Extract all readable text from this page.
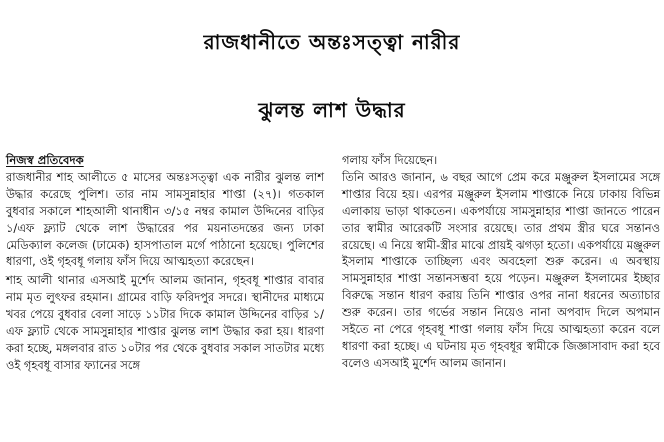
রাজধানীতে অন্তঃসত্ত্বা নারীর
ঝুলন্ত লাশ উদ্ধার
নিজস্ব প্রতিবেদক

রাজধানীর শাহ আলীতে ৫ মাসের অন্তঃসত্ত্বা এক নারীর ঝুলন্ত লাশ উদ্ধার করেছে পুলিশ। তার নাম সামসুন্নাহার শাপ্তা (২৭)। গতকাল বুধবার সকালে শাহআলী থানাধীন ৩/১৫ নম্বর কামাল উদ্দিনের বাড়ির ১/এফ ফ্ল্যাট থেকে লাশ উদ্ধারের পর ময়নাতদন্তের জন্য ঢাকা মেডিক্যাল কলেজ (ঢামেক) হাসপাতাল মর্গে পাঠানো হয়েছে। পুলিশের ধারণা, ওই গৃহবধূ গলায় ফাঁস দিয়ে আত্মহত্যা করেছেন।

শাহ আলী থানার এসআই মুর্শেদ আলম জানান, গৃহবধূ শাপ্তার বাবার নাম মৃত লুৎফর রহমান। গ্রামের বাড়ি ফরিদপুর সদরে। স্থানীদের মাধ্যমে খবর পেয়ে বুধবার বেলা সাড়ে ১১টার দিকে কামাল উদ্দিনের বাড়ির ১/এফ ফ্ল্যাট থেকে সামসুন্নাহার শাপ্তার ঝুলন্ত লাশ উদ্ধার করা হয়। ধারণা করা হচ্ছে, মঙ্গলবার রাত ১০টার পর থেকে বুধবার সকাল সাতটার মধ্যে ওই গৃহবধূ বাসার ফ্যানের সঙ্গে

গলায় ফাঁস দিয়েছেন।

তিনি আরও জানান, ৬ বছর আগে প্রেম করে মঞ্জুরুল ইসলামের সঙ্গে শাপ্তার বিয়ে হয়। এরপর মঞ্জুরুল ইসলাম শাপ্তাকে নিয়ে ঢাকায় বিভিন্ন এলাকায় ভাড়া থাকতেন। একপর্যায়ে সামসুন্নাহার শাপ্তা জানতে পারেন তার স্বামীর আরেকটি সংসার রয়েছে। তার প্রথম স্ত্রীর ঘরে সন্তানও রয়েছে। এ নিয়ে স্বামী-স্ত্রীর মাঝে প্রায়ই ঝগড়া হতো। একপর্যায়ে মঞ্জুরুল ইসলাম শাপ্তাকে তাচ্ছিল্য এবং অবহেলা শুরু করেন। এ অবস্থায় সামসুন্নাহার শাপ্তা সন্তানসম্ভবা হয়ে পড়েন। মঞ্জুরুল ইসলামের ইচ্ছার বিরুদ্ধে সন্তান ধারণ করায় তিনি শাপ্তার ওপর নানা ধরনের অত্যাচার শুরু করেন। তার গর্ভের সন্তান নিয়েও নানা অপবাদ দিলে অপমান সইতে না পেরে গৃহবধূ শাপ্তা গলায় ফাঁস দিয়ে আত্মহত্যা করেন বলে ধারণা করা হচ্ছে। এ ঘটনায় মৃত গৃহবধূর স্বামীকে জিজ্ঞাসাবাদ করা হবে বলেও এসআই মুর্শেদ আলম জানান।
